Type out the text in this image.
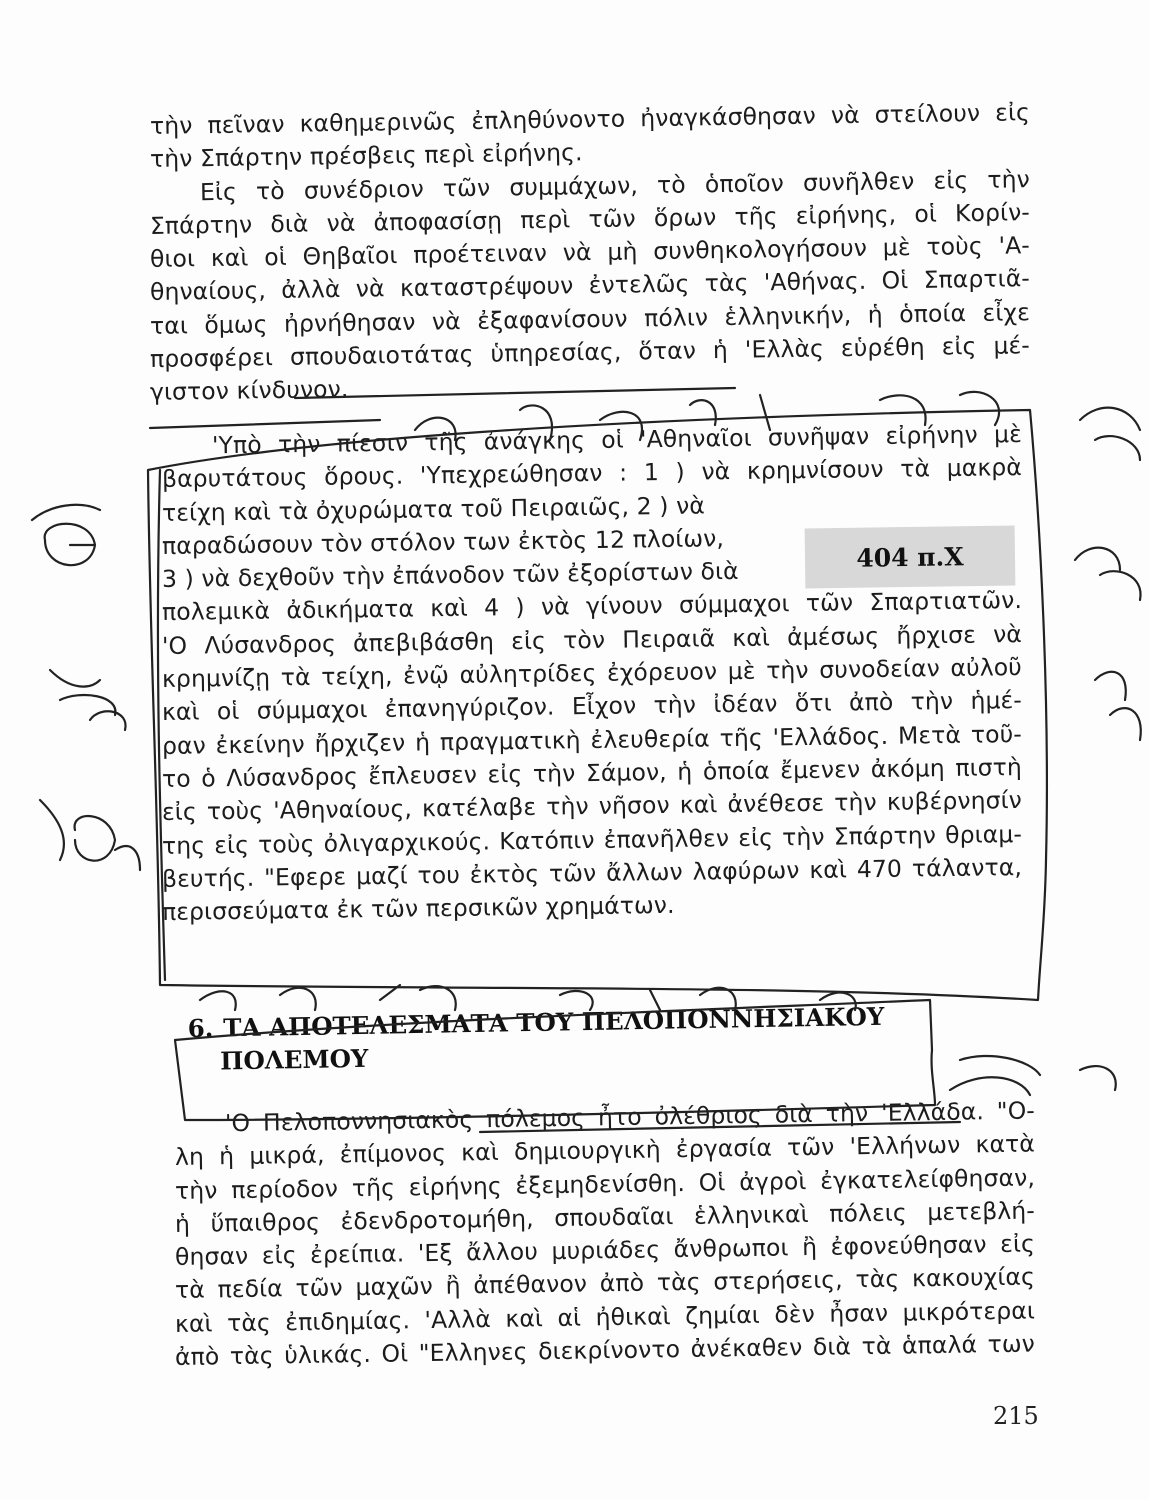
τὴν πεῖναν καθημερινῶς ἐπληθύνοντο ἠναγκάσθησαν νὰ στείλουν εἰς
τὴν Σπάρτην πρέσβεις περὶ εἰρήνης.
Εἰς τὸ συνέδριον τῶν συμμάχων, τὸ ὁποῖον συνῆλθεν εἰς τὴν
Σπάρτην διὰ νὰ ἀποφασίσῃ περὶ τῶν ὅρων τῆς εἰρήνης, οἱ Κορίν-
θιοι καὶ οἱ Θηβαῖοι προέτειναν νὰ μὴ συνθηκολογήσουν μὲ τοὺς 'Α-
θηναίους, ἀλλὰ νὰ καταστρέψουν ἐντελῶς τὰς 'Αθήνας. Οἱ Σπαρτιᾶ-
ται ὅμως ἠρνήθησαν νὰ ἐξαφανίσουν πόλιν ἑλληνικήν, ἡ ὁποία εἶχε
προσφέρει σπουδαιοτάτας ὑπηρεσίας, ὅταν ἡ 'Ελλὰς εὑρέθη εἰς μέ-
γιστον κίνδυνον.
'Υπὸ τὴν πίεσιν τῆς ἀνάγκης οἱ 'Αθηναῖοι συνῆψαν εἰρήνην μὲ
βαρυτάτους ὅρους. 'Υπεχρεώθησαν : 1 ) νὰ κρημνίσουν τὰ μακρὰ
τείχη καὶ τὰ ὀχυρώματα τοῦ Πειραιῶς, 2 ) νὰ
παραδώσουν τὸν στόλον των ἐκτὸς 12 πλοίων,
3 ) νὰ δεχθοῦν τὴν ἐπάνοδον τῶν ἐξορίστων διὰ
πολεμικὰ ἀδικήματα καὶ 4 ) νὰ γίνουν σύμμαχοι τῶν Σπαρτιατῶν.
'Ο Λύσανδρος ἀπεβιβάσθη εἰς τὸν Πειραιᾶ καὶ ἀμέσως ἤρχισε νὰ
κρημνίζῃ τὰ τείχη, ἐνῷ αὐλητρίδες ἐχόρευον μὲ τὴν συνοδείαν αὐλοῦ
καὶ οἱ σύμμαχοι ἐπανηγύριζον. Εἶχον τὴν ἰδέαν ὅτι ἀπὸ τὴν ἡμέ-
ραν ἐκείνην ἤρχιζεν ἡ πραγματικὴ ἐλευθερία τῆς 'Ελλάδος. Μετὰ τοῦ-
το ὁ Λύσανδρος ἔπλευσεν εἰς τὴν Σάμον, ἡ ὁποία ἔμενεν ἀκόμη πιστὴ
εἰς τοὺς 'Αθηναίους, κατέλαβε τὴν νῆσον καὶ ἀνέθεσε τὴν κυβέρνησίν
της εἰς τοὺς ὀλιγαρχικούς. Κατόπιν ἐπανῆλθεν εἰς τὴν Σπάρτην θριαμ-
βευτής. "Εφερε μαζί του ἐκτὸς τῶν ἄλλων λαφύρων καὶ 470 τάλαντα,
περισσεύματα ἐκ τῶν περσικῶν χρημάτων.
404 π.Χ
6. ΤΑ ΑΠΟΤΕΛΕΣΜΑΤΑ ΤΟΥ ΠΕΛΟΠΟΝΝΗΣΙΑΚΟΥ
ΠΟΛΕΜΟΥ
'Ο Πελοποννησιακὸς πόλεμος ἦτο ὀλέθριος διὰ τὴν 'Ελλάδα. "Ο-
λη ἡ μικρά, ἐπίμονος καὶ δημιουργικὴ ἐργασία τῶν 'Ελλήνων κατὰ
τὴν περίοδον τῆς εἰρήνης ἐξεμηδενίσθη. Οἱ ἀγροὶ ἐγκατελείφθησαν,
ἡ ὕπαιθρος ἐδενδροτομήθη, σπουδαῖαι ἑλληνικαὶ πόλεις μετεβλή-
θησαν εἰς ἐρείπια. 'Εξ ἄλλου μυριάδες ἄνθρωποι ἢ ἐφονεύθησαν εἰς
τὰ πεδία τῶν μαχῶν ἢ ἀπέθανον ἀπὸ τὰς στερήσεις, τὰς κακουχίας
καὶ τὰς ἐπιδημίας. 'Αλλὰ καὶ αἱ ἠθικαὶ ζημίαι δὲν ἦσαν μικρότεραι
ἀπὸ τὰς ὑλικάς. Οἱ "Ελληνες διεκρίνοντο ἀνέκαθεν διὰ τὰ ἁπαλά των
215
